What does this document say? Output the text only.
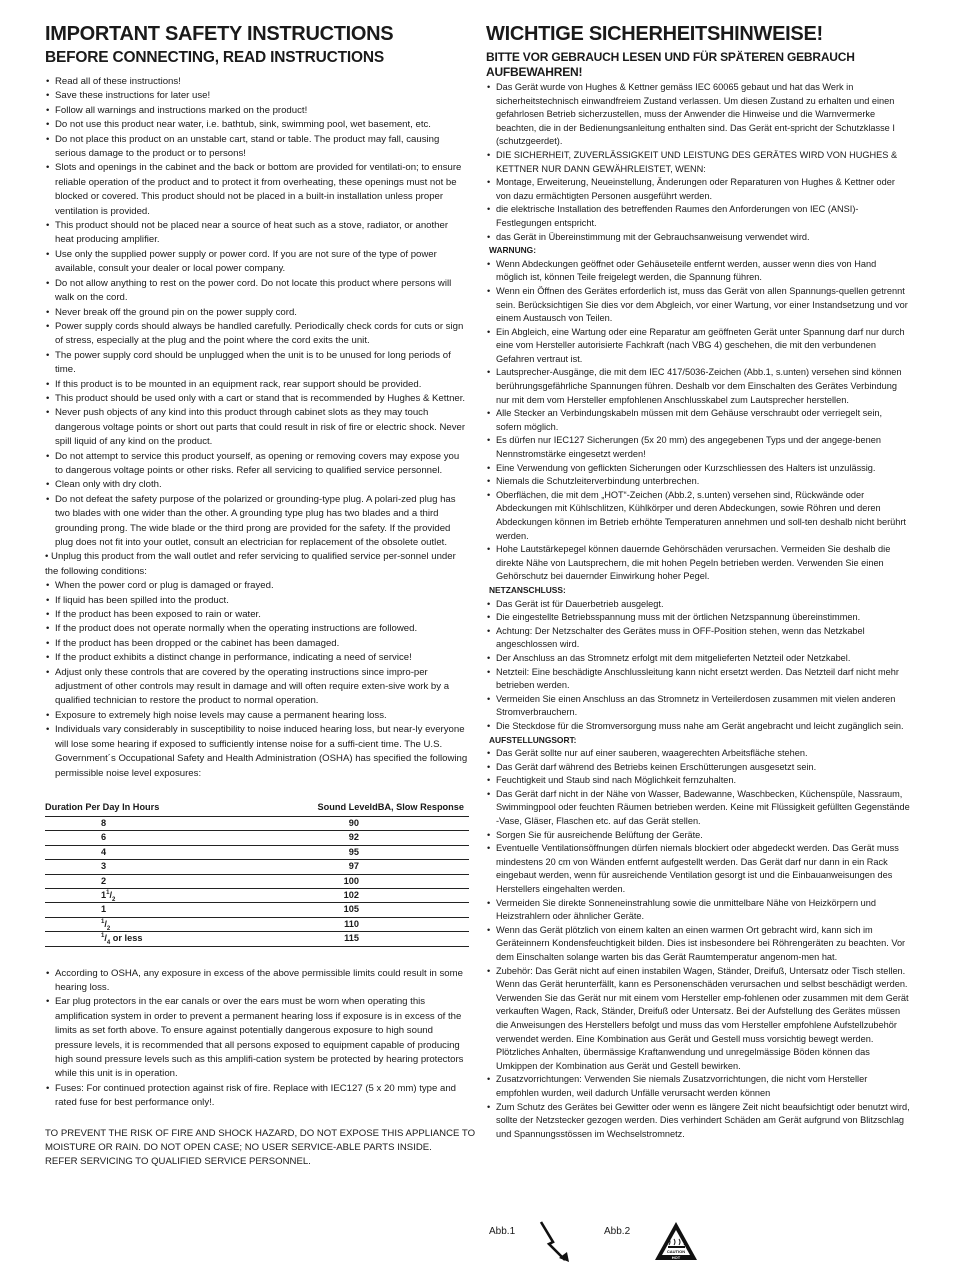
IMPORTANT SAFETY INSTRUCTIONS
BEFORE CONNECTING, READ INSTRUCTIONS
• Read all of these instructions!
• Save these instructions for later use!
• Follow all warnings and instructions marked on the product!
• Do not use this product near water, i.e. bathtub, sink, swimming pool, wet basement, etc.
• Do not place this product on an unstable cart, stand or table. The product may fall, causing serious damage to the product or to persons!
• Slots and openings in the cabinet and the back or bottom are provided for ventilati-on; to ensure reliable operation of the product and to protect it from overheating, these openings must not be blocked or covered. This product should not be placed in a built-in installation unless proper ventilation is provided.
• This product should not be placed near a source of heat such as a stove, radiator, or another heat producing amplifier.
• Use only the supplied power supply or power cord. If you are not sure of the type of power available, consult your dealer or local power company.
• Do not allow anything to rest on the power cord. Do not locate this product where persons will walk on the cord.
• Never break off the ground pin on the power supply cord.
• Power supply cords should always be handled carefully. Periodically check cords for cuts or sign of stress, especially at the plug and the point where the cord exits the unit.
• The power supply cord should be unplugged when the unit is to be unused for long periods of time.
• If this product is to be mounted in an equipment rack, rear support should be provided.
• This product should be used only with a cart or stand that is recommended by Hughes & Kettner.
• Never push objects of any kind into this product through cabinet slots as they may touch dangerous voltage points or short out parts that could result in risk of fire or electric shock. Never spill liquid of any kind on the product.
• Do not attempt to service this product yourself, as opening or removing covers may expose you to dangerous voltage points or other risks. Refer all servicing to qualified service personnel.
• Clean only with dry cloth.
• Do not defeat the safety purpose of the polarized or grounding-type plug. A polari-zed plug has two blades with one wider than the other. A grounding type plug has two blades and a third grounding prong. The wide blade or the third prong are provided for the safety. If the provided plug does not fit into your outlet, consult an electrician for replacement of the obsolete outlet.
• Unplug this product from the wall outlet and refer servicing to qualified service per-sonnel under the following conditions:
• When the power cord or plug is damaged or frayed.
• If liquid has been spilled into the product.
• If the product has been exposed to rain or water.
• If the product does not operate normally when the operating instructions are followed.
• If the product has been dropped or the cabinet has been damaged.
• If the product exhibits a distinct change in performance, indicating a need of service!
• Adjust only these controls that are covered by the operating instructions since impro-per adjustment of other controls may result in damage and will often require exten-sive work by a qualified technician to restore the product to normal operation.
• Exposure to extremely high noise levels may cause a permanent hearing loss.
• Individuals vary considerably in susceptibility to noise induced hearing loss, but near-ly everyone will lose some hearing if exposed to sufficiently intense noise for a suffi-cient time. The U.S. Government´s Occupational Safety and Health Administration (OSHA) has specified the following permissible noise level exposures:
Duration Per Day In Hours	Sound LeveldBA, Slow Response
8	90
6	92
4	95
3	97
2	100
$1^1/_2$	102
1	105
$^1/_2$	110
$^1/_4$ or less	115
• According to OSHA, any exposure in excess of the above permissible limits could result in some hearing loss.
• Ear plug protectors in the ear canals or over the ears must be worn when operating this amplification system in order to prevent a permanent hearing loss if exposure is in excess of the limits as set forth above. To ensure against potentially dangerous exposure to high sound pressure levels, it is recommended that all persons exposed to equipment capable of producing high sound pressure levels such as this amplifi-cation system be protected by hearing protectors while this unit is in operation.
• Fuses: For continued protection against risk of fire. Replace with IEC127 (5 x 20 mm) type and rated fuse for best performance only!.
TO PREVENT THE RISK OF FIRE AND SHOCK HAZARD, DO NOT EXPOSE THIS APPLIANCE TO
MOISTURE OR RAIN. DO NOT OPEN CASE; NO USER SERVICE-ABLE PARTS INSIDE.
REFER SERVICING TO QUALIFIED SERVICE PERSONNEL.
WICHTIGE SICHERHEITSHINWEISE!
BITTE VOR GEBRAUCH LESEN UND FÜR SPÄTEREN GEBRAUCH AUFBEWAHREN!
• Das Gerät wurde von Hughes & Kettner gemäss IEC 60065 gebaut und hat das Werk in sicherheitstechnisch einwandfreiem Zustand verlassen. Um diesen Zustand zu erhalten und einen gefahrlosen Betrieb sicherzustellen, muss der Anwender die Hinweise und die Warnvermerke beachten, die in der Bedienungsanleitung enthalten sind. Das Gerät ent-spricht der Schutzklasse I (schutzgeerdet).
• DIE SICHERHEIT, ZUVERLÄSSIGKEIT UND LEISTUNG DES GERÄTES WIRD VON HUGHES & KETTNER NUR DANN GEWÄHRLEISTET, WENN:
• Montage, Erweiterung, Neueinstellung, Änderungen oder Reparaturen von Hughes & Kettner oder von dazu ermächtigten Personen ausgeführt werden.
• die elektrische Installation des betreffenden Raumes den Anforderungen von IEC (ANSI)-Festlegungen entspricht.
• das Gerät in Übereinstimmung mit der Gebrauchsanweisung verwendet wird.
WARNUNG:
• Wenn Abdeckungen geöffnet oder Gehäuseteile entfernt werden, ausser wenn dies von Hand möglich ist, können Teile freigelegt werden, die Spannung führen.
• Wenn ein Öffnen des Gerätes erforderlich ist, muss das Gerät von allen Spannungs-quellen getrennt sein. Berücksichtigen Sie dies vor dem Abgleich, vor einer Wartung, vor einer Instandsetzung und vor einem Austausch von Teilen.
• Ein Abgleich, eine Wartung oder eine Reparatur am geöffneten Gerät unter Spannung darf nur durch eine vom Hersteller autorisierte Fachkraft (nach VBG 4) geschehen, die mit den verbundenen Gefahren vertraut ist.
• Lautsprecher-Ausgänge, die mit dem IEC 417/5036-Zeichen (Abb.1, s.unten) versehen sind können berührungsgefährliche Spannungen führen. Deshalb vor dem Einschalten des Gerätes Verbindung nur mit dem vom Hersteller empfohlenen Anschlusskabel zum Lautsprecher herstellen.
• Alle Stecker an Verbindungskabeln müssen mit dem Gehäuse verschraubt oder verriegelt sein, sofern möglich.
• Es dürfen nur IEC127 Sicherungen (5x 20 mm) des angegebenen Typs und der angege-benen Nennstromstärke eingesetzt werden!
• Eine Verwendung von geflickten Sicherungen oder Kurzschliessen des Halters ist unzulässig.
• Niemals die Schutzleiterverbindung unterbrechen.
• Oberflächen, die mit dem „HOT“-Zeichen (Abb.2, s.unten) versehen sind, Rückwände oder Abdeckungen mit Kühlschlitzen, Kühlkörper und deren Abdeckungen, sowie Röhren und deren Abdeckungen können im Betrieb erhöhte Temperaturen annehmen und soll-ten deshalb nicht berührt werden.
• Hohe Lautstärkepegel können dauernde Gehörschäden verursachen. Vermeiden Sie deshalb die direkte Nähe von Lautsprechern, die mit hohen Pegeln betrieben werden. Verwenden Sie einen Gehörschutz bei dauernder Einwirkung hoher Pegel.
NETZANSCHLUSS:
• Das Gerät ist für Dauerbetrieb ausgelegt.
• Die eingestellte Betriebsspannung muss mit der örtlichen Netzspannung übereinstimmen.
• Achtung: Der Netzschalter des Gerätes muss in OFF-Position stehen, wenn das Netzkabel angeschlossen wird.
• Der Anschluss an das Stromnetz erfolgt mit dem mitgelieferten Netzteil oder Netzkabel.
• Netzteil: Eine beschädigte Anschlussleitung kann nicht ersetzt werden. Das Netzteil darf nicht mehr betrieben werden.
• Vermeiden Sie einen Anschluss an das Stromnetz in Verteilerdosen zusammen mit vielen anderen Stromverbrauchern.
• Die Steckdose für die Stromversorgung muss nahe am Gerät angebracht und leicht zugänglich sein.
AUFSTELLUNGSORT:
• Das Gerät sollte nur auf einer sauberen, waagerechten Arbeitsfläche stehen.
• Das Gerät darf während des Betriebs keinen Erschütterungen ausgesetzt sein.
• Feuchtigkeit und Staub sind nach Möglichkeit fernzuhalten.
• Das Gerät darf nicht in der Nähe von Wasser, Badewanne, Waschbecken, Küchenspüle, Nassraum, Swimmingpool oder feuchten Räumen betrieben werden. Keine mit Flüssigkeit gefüllten Gegenstände -Vase, Gläser, Flaschen etc. auf das Gerät stellen.
• Sorgen Sie für ausreichende Belüftung der Geräte.
• Eventuelle Ventilationsöffnungen dürfen niemals blockiert oder abgedeckt werden. Das Gerät muss mindestens 20 cm von Wänden entfernt aufgestellt werden. Das Gerät darf nur dann in ein Rack eingebaut werden, wenn für ausreichende Ventilation gesorgt ist und die Einbauanweisungen des Herstellers eingehalten werden.
• Vermeiden Sie direkte Sonneneinstrahlung sowie die unmittelbare Nähe von Heizkörpern und Heizstrahlern oder ähnlicher Geräte.
• Wenn das Gerät plötzlich von einem kalten an einen warmen Ort gebracht wird, kann sich im Geräteinnern Kondensfeuchtigkeit bilden. Dies ist insbesondere bei Röhrengeräten zu beachten. Vor dem Einschalten solange warten bis das Gerät Raumtemperatur angenom-men hat.
• Zubehör: Das Gerät nicht auf einen instabilen Wagen, Ständer, Dreifuß, Untersatz oder Tisch stellen. Wenn das Gerät herunterfällt, kann es Personenschäden verursachen und selbst beschädigt werden. Verwenden Sie das Gerät nur mit einem vom Hersteller emp-fohlenen oder zusammen mit dem Gerät verkauften Wagen, Rack, Ständer, Dreifuß oder Untersatz. Bei der Aufstellung des Gerätes müssen die Anweisungen des Herstellers befolgt und muss das vom Hersteller empfohlene Aufstellzubehör verwendet werden. Eine Kombination aus Gerät und Gestell muss vorsichtig bewegt werden. Plötzliches Anhalten, übermässige Kraftanwendung und unregelmässige Böden können das Umkippen der Kombination aus Gerät und Gestell bewirken.
• Zusatzvorrichtungen: Verwenden Sie niemals Zusatzvorrichtungen, die nicht vom Hersteller empfohlen wurden, weil dadurch Unfälle verursacht werden können
• Zum Schutz des Gerätes bei Gewitter oder wenn es längere Zeit nicht beaufsichtigt oder benutzt wird, sollte der Netzstecker gezogen werden. Dies verhindert Schäden am Gerät aufgrund von Blitzschlag und Spannungsstössen im Wechselstromnetz.
Abb.1	Abb.2
CAUTION
HOT
